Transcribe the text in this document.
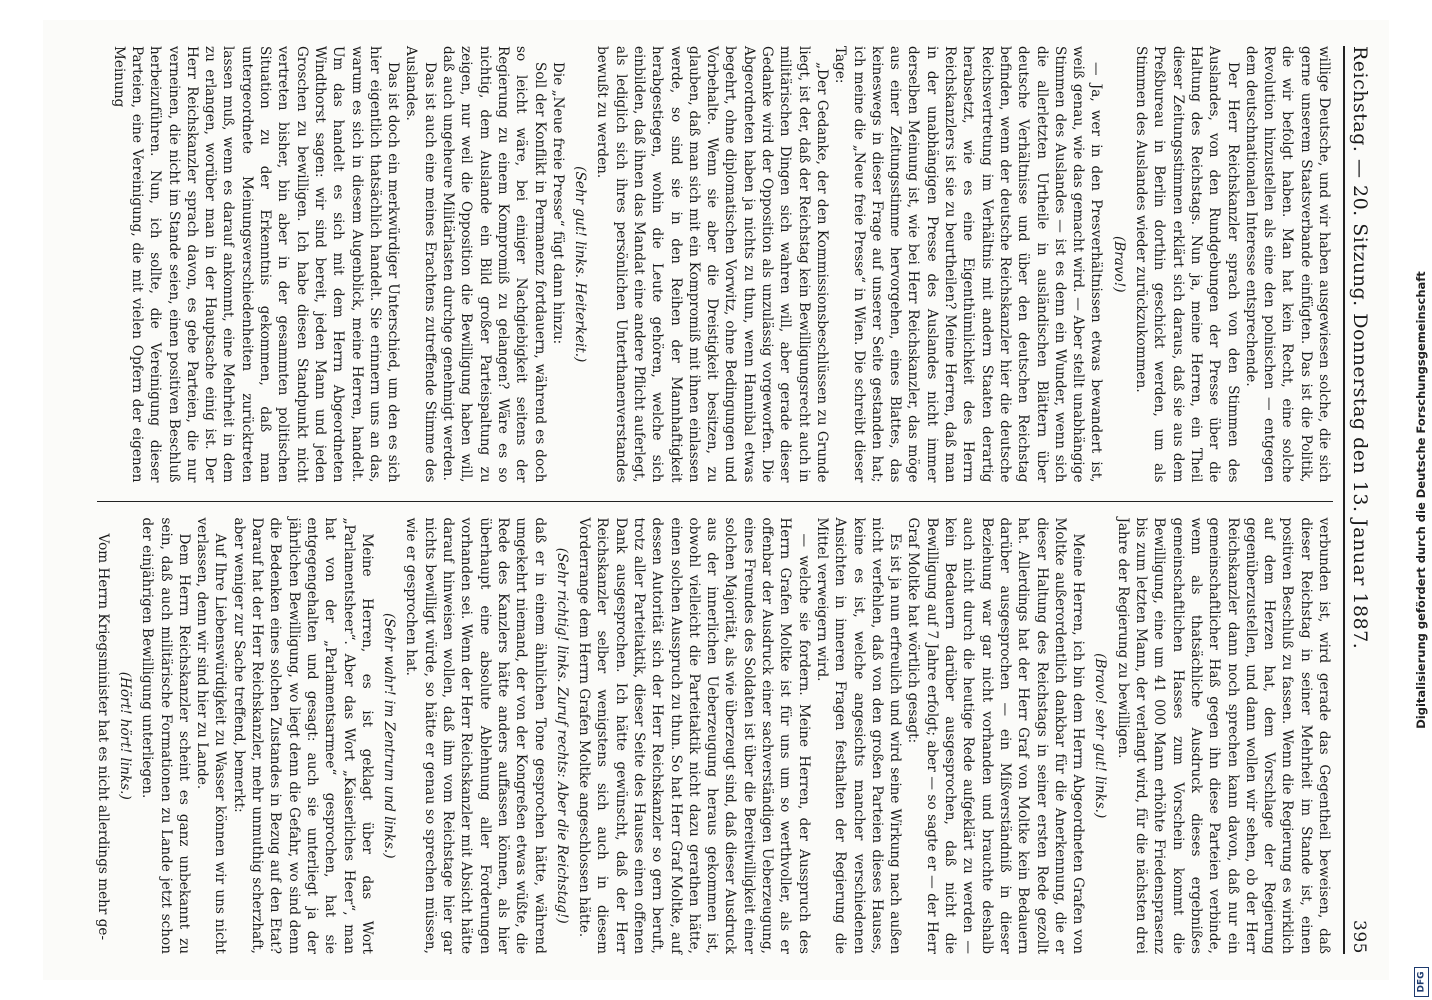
Reichstag. — 20. Sitzung. Donnerstag den 13. Januar 1887.
395

willige Deutsche, und wir haben ausgewiesen solche, die sich gerne unserem Staatsverbande einfügten. Das ist die Politik, die wir befolgt haben. Man hat kein Recht, eine solche Revolution hinzustellen als eine den polnischen — entgegen dem deutschnationalen Interesse entsprechende.

Der Herr Reichskanzler sprach von den Stimmen des Auslandes, von den Rundgebungen der Presse über die Haltung des Reichstags. Nun ja, meine Herren, ein Theil dieser Zeitungsstimmen erklärt sich daraus, daß sie aus dem Preßbureau in Berlin dorthin geschickt werden, um als Stimmen des Auslandes wieder zurückzukommen.

(Bravo!)

— Ja, wer in den Presverhältnissen etwas bewandert ist, weiß genau, wie das gemacht wird. — Aber stellt unabhängige Stimmen des Auslandes — ist es denn ein Wunder, wenn sich die allerletzten Urtheile in ausländischen Blättern über deutsche Verhältnisse und über den deutschen Reichstag befinden, wenn der deutsche Reichskanzler hier die deutsche Reichsvertretung im Verhältnis mit andern Staaten derartig herabsetzt, wie es eine Eigenthümlichkeit des Herrn Reichskanzlers ist sie zu beurtheilen? Meine Herren, daß man in der unabhängigen Presse des Auslandes nicht immer derselben Meinung ist, wie bei Herr Reichskanzler, das möge aus einer Zeitungsstimme hervorgehen, eines Blattes, das keineswegs in dieser Frage auf unserer Seite gestanden hat; ich meine die „Neue freie Presse“ in Wien. Die schreibt dieser Tage:

„Der Gedanke, der den Kommissionsbeschlüssen zu Grunde liegt, ist der, daß der Reichstag kein Bewilligungsrecht auch in militärischen Dingen sich wahren will, aber gerade dieser Gedanke wird der Opposition als unzulässig vorgeworfen. Die Abgeordneten haben ja nichts zu thun, wenn Hannibal etwas begehrt, ohne diplomatischen Vorwitz, ohne Bedingungen und Vorbehalte. Wenn sie aber die Dreistigkeit besitzen, zu glauben, daß man sich mit ein Kompromiß mit ihnen einlassen werde, so sind sie in den Reihen der Mannhaftigkeit herabgestiegen, wohin die Leute gehören, welche sich einbilden, daß ihnen das Mandat eine andere Pflicht auferlegt, als lediglich sich ihres persönlichen Unterthanenverstandes bewußt zu werden.

(Sehr gut! links. Heiterkeit.)

Die „Neue freie Presse“ fügt dann hinzu:

Soll der Konflikt in Permanenz fortdauern, während es doch so leicht wäre, bei einiger Nachgiebigkeit seitens der Regierung zu einem Kompromiß zu gelangen? Wäre es so nichtig, dem Auslande ein Bild großer Parteispaltung zu zeigen, nur weil die Opposition die Bewilligung haben will, daß auch ungeheure Militärlasten durchge genehmigt werden.

Das ist auch eine meines Erachtens zutreffende Stimme des Auslandes.

Das ist doch ein merkwürdiger Unterschied, um den es sich hier eigentlich thatsächlich handelt. Sie erinnern uns an das, warum es sich in diesem Augenblick, meine Herren, handelt. Um das handelt es sich mit dem Herrn Abgeordneten Windthorst sagen: wir sind bereit, jeden Mann und jeden Groschen zu bewilligen. Ich habe diesen Standpunkt nicht vertreten bisher, bin aber in der gesammten politischen Situation zu der Erkenntnis gekommen, daß man untergeordnete Meinungsverschiedenheiten zurücktreten lassen muß, wenn es darauf ankommt, eine Mehrheit in dem zu erlangen, worüber man in der Hauptsache einig ist. Der Herr Reichskanzler sprach davon, es gebe Parteien, die nur verneinen, die nicht im Stande seien, einen positiven Beschluß herbeizuführen. Nun, ich sollte, die Vereinigung dieser Parteien, eine Vereinigung, die mit vielen Opfern der eigenen Meinung

verbunden ist, wird gerade das Gegentheil beweisen, daß dieser Reichstag in seiner Mehrheit im Stande ist, einen positiven Beschluß zu fassen. Wenn die Regierung es wirklich auf dem Herzen hat, dem Vorschlage der Regierung gegenüberzustellen, und dann wollen wir sehen, ob der Herr Reichskanzler dann noch sprechen kann davon, daß nur ein gemeinschaftlicher Haß gegen ihn diese Parteien verbinde, wenn als thatsächliche Ausdruck dieses ergebnißes gemeinschaftlichen Hasses zum Vorschein kommt die Bewilligung, eine um 41 000 Mann erhöhte Friedensprasenz bis zum letzten Mann, der verlangt wird, für die nächsten drei Jahre der Regierung zu bewilligen.

(Bravo! sehr gut! links.)

Meine Herren, ich bin dem Herrn Abgeordneten Grafen von Moltke außerordentlich dankbar für die Anerkennung, die er dieser Haltung des Reichstags in seiner ersten Rede gezollt hat. Allerdings hat der Herr Graf von Moltke kein Bedauern darüber ausgesprochen — ein Mißverständniß in dieser Beziehung war gar nicht vorhanden und brauchte deshalb auch nicht durch die heutige Rede aufgeklärt zu werden — kein Bedauern darüber ausgesprochen, daß nicht die Bewilligung auf 7 Jahre erfolgt; aber — so sagte er — der Herr Graf Moltke hat wörtlich gesagt:

Es ist ja nun erfreulich und wird seine Wirkung nach außen nicht verfehlen, daß von den großen Parteien dieses Hauses, keine es ist, welche angesichts mancher verschiedenen Ansichten in inneren Fragen festhalten der Regierung die Mittel verweigern wird.

— welche sie fordern. Meine Herren, der Ausspruch des Herrn Grafen Moltke ist für uns um so werthvoller, als er offenbar der Ausdruck einer sachverständigen Ueberzeugung, eines Freundes des Soldaten ist über die Bereitwilligkeit einer solchen Majorität, als wie überzeugt sind, daß dieser Ausdruck aus der innerlichen Ueberzeugung heraus gekommen ist, obwohl vielleicht die Parteitaktik nicht dazu gerathen hätte, einen solchen Ausspruch zu thun. So hat Herr Graf Moltke, auf dessen Autorität sich der Herr Reichskanzler so gern beruft, trotz aller Parteitaktik, dieser Seite des Hauses einen offenen Dank ausgesprochen. Ich hätte gewünscht, daß der Herr Reichskanzler selber wenigstens sich auch in diesem Vorderrange dem Herrn Grafen Moltke angeschlossen hätte.

(Sehr richtig! links. Zuruf rechts: Aber die Reichstag!)

daß er in einem ähnlichen Tone gesprochen hätte, während umgekehrt niemand, der von der Kongreßen etwas wüßte, die Rede des Kanzlers hätte anders auffassen können, als hier überhaupt eine absolute Ablehnung aller Forderungen vorhanden sei. Wenn der Herr Reichskanzler mit Absicht hätte darauf hinweisen wollen, daß ihm vom Reichstage hier gar nichts bewilligt würde, so hätte er genau so sprechen müssen, wie er gesprochen hat.

(Sehr wahr! im Zentrum und links.)

Meine Herren, es ist geklagt über das Wort „Parlamentsheer“. Aber das Wort „Kaiserliches Heer“, man hat von der „Parlamentsarmee“ gesprochen, hat sie entgegengehalten und gesagt: auch sie unterliegt ja der jährlichen Bewilligung, wo liegt denn die Gefahr, wo sind denn die Bedenken eines solchen Zustandes in Bezug auf den Etat? Darauf hat der Herr Reichskanzler, mehr unmuthig scherzhaft, aber weniger zur Sache treffend, bemerkt:

Auf Ihre Liebenswürdigkeit zu Wasser können wir uns nicht verlassen, denn wir sind hier zu Lande.

Dem Herrn Reichskanzler scheint es ganz unbekannt zu sein, daß auch militärische Formationen zu Lande jetzt schon der einjährigen Bewilligung unterliegen.

(Hört! hört! links.)

Vom Herrn Kriegsminister hat es nicht allerdings mehr ge-

Digitalisierung gefördert durch die Deutsche Forschungsgemeinschaft
DFG
